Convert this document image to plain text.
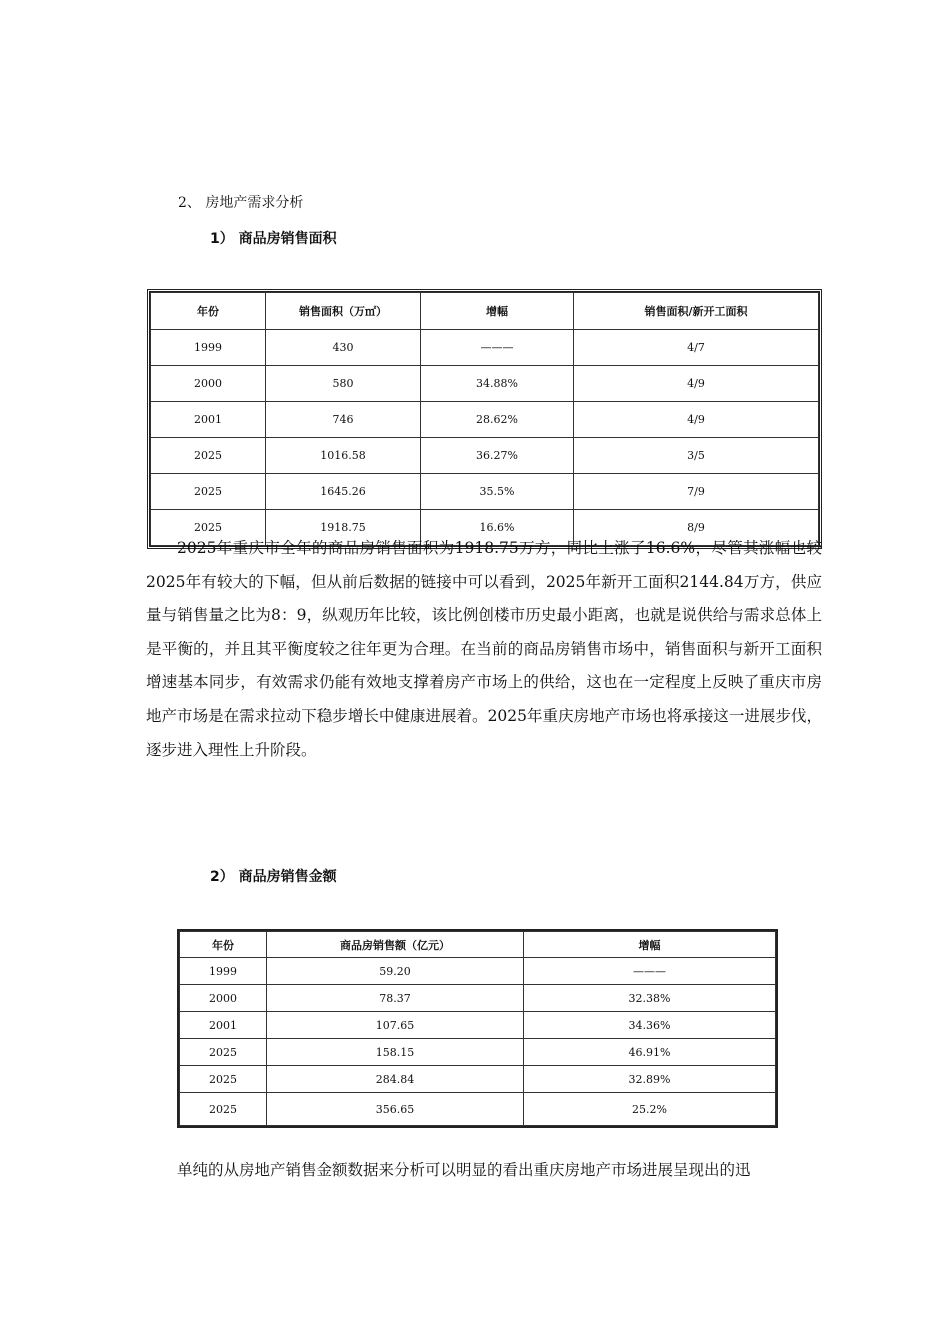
2、 房地产需求分析
1） 商品房销售面积
年份	销售面积（万㎡）	增幅	销售面积/新开工面积
1999	430	———	4/7
2000	580	34.88%	4/9
2001	746	28.62%	4/9
2025	1016.58	36.27%	3/5
2025	1645.26	35.5%	7/9
2025	1918.75	16.6%	8/9
2025年重庆市全年的商品房销售面积为1918.75万方，同比上涨了16.6%，尽管其涨幅也较2025年有较大的下幅，但从前后数据的链接中可以看到，2025年新开工面积2144.84万方，供应量与销售量之比为8：9，纵观历年比较，该比例创楼市历史最小距离，也就是说供给与需求总体上是平衡的，并且其平衡度较之往年更为合理。在当前的商品房销售市场中，销售面积与新开工面积增速基本同步，有效需求仍能有效地支撑着房产市场上的供给，这也在一定程度上反映了重庆市房地产市场是在需求拉动下稳步增长中健康进展着。2025年重庆房地产市场也将承接这一进展步伐，逐步进入理性上升阶段。
2） 商品房销售金额
年份	商品房销售额（亿元）	增幅
1999	59.20	———
2000	78.37	32.38%
2001	107.65	34.36%
2025	158.15	46.91%
2025	284.84	32.89%
2025	356.65	25.2%
单纯的从房地产销售金额数据来分析可以明显的看出重庆房地产市场进展呈现出的迅
